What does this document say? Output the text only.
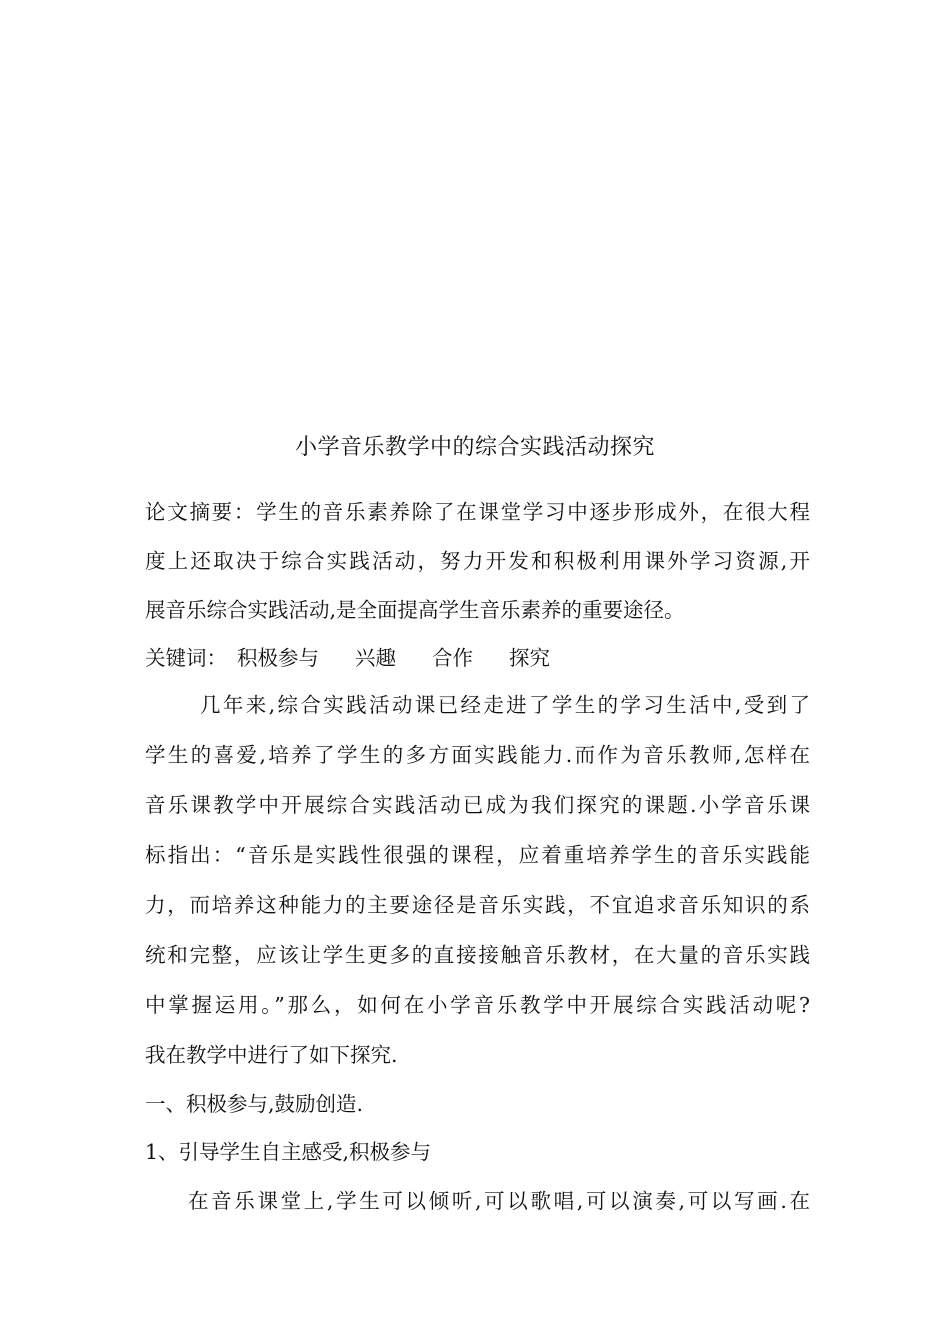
小学音乐教学中的综合实践活动探究
论文摘要：学生的音乐素养除了在课堂学习中逐步形成外，在很大程
度上还取决于综合实践活动，努力开发和积极利用课外学习资源,开
展音乐综合实践活动,是全面提高学生音乐素养的重要途径。
关键词： 积极参与 兴趣 合作 探究
几年来,综合实践活动课已经走进了学生的学习生活中,受到了
学生的喜爱,培养了学生的多方面实践能力.而作为音乐教师,怎样在
音乐课教学中开展综合实践活动已成为我们探究的课题.小学音乐课
标指出：“音乐是实践性很强的课程，应着重培养学生的音乐实践能
力，而培养这种能力的主要途径是音乐实践，不宜追求音乐知识的系
统和完整，应该让学生更多的直接接触音乐教材，在大量的音乐实践
中掌握运用。”那么，如何在小学音乐教学中开展综合实践活动呢?
我在教学中进行了如下探究.
一、积极参与,鼓励创造.
1、引导学生自主感受,积极参与
在音乐课堂上,学生可以倾听,可以歌唱,可以演奏,可以写画.在
